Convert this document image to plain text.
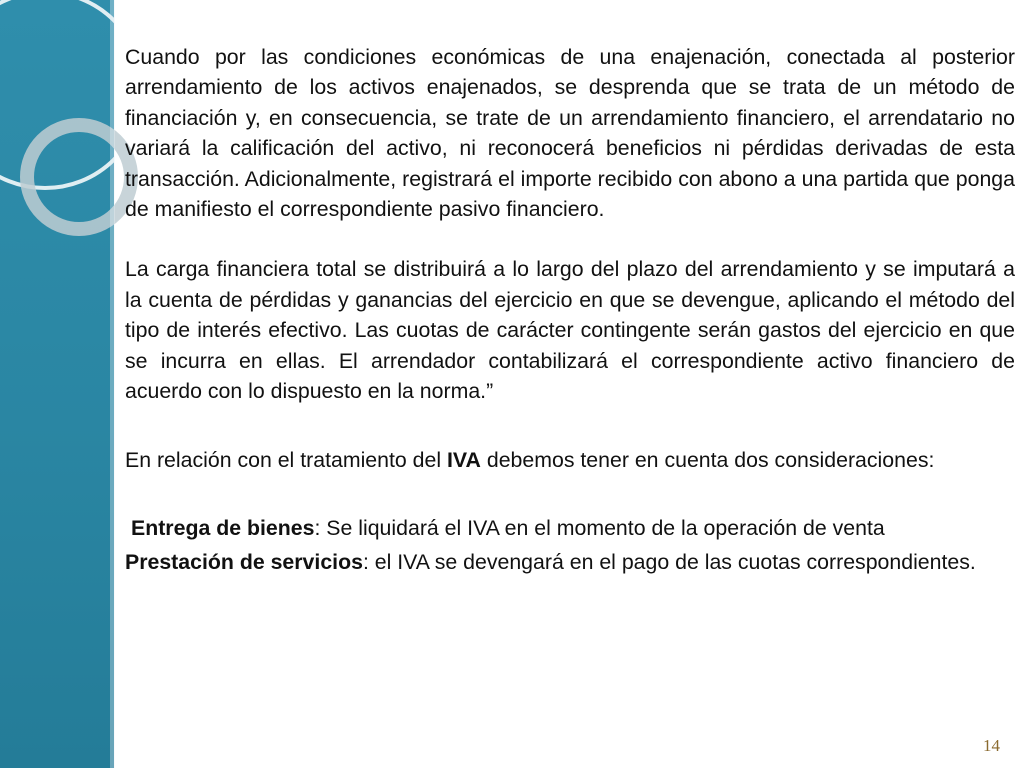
Cuando por las condiciones económicas de una enajenación, conectada al posterior arrendamiento de los activos enajenados, se desprenda que se trata de un método de financiación y, en consecuencia, se trate de un arrendamiento financiero, el arrendatario no variará la calificación del activo, ni reconocerá beneficios ni pérdidas derivadas de esta transacción. Adicionalmente, registrará el importe recibido con abono a una partida que ponga de manifiesto el correspondiente pasivo financiero.

La carga financiera total se distribuirá a lo largo del plazo del arrendamiento y se imputará a la cuenta de pérdidas y ganancias del ejercicio en que se devengue, aplicando el método del tipo de interés efectivo. Las cuotas de carácter contingente serán gastos del ejercicio en que se incurra en ellas. El arrendador contabilizará el correspondiente activo financiero de acuerdo con lo dispuesto en la norma.”

En relación con el tratamiento del IVA debemos tener en cuenta dos consideraciones:

Entrega de bienes: Se liquidará el IVA en el momento de la operación de venta

Prestación de servicios: el IVA se devengará en el pago de las cuotas correspondientes.

14
